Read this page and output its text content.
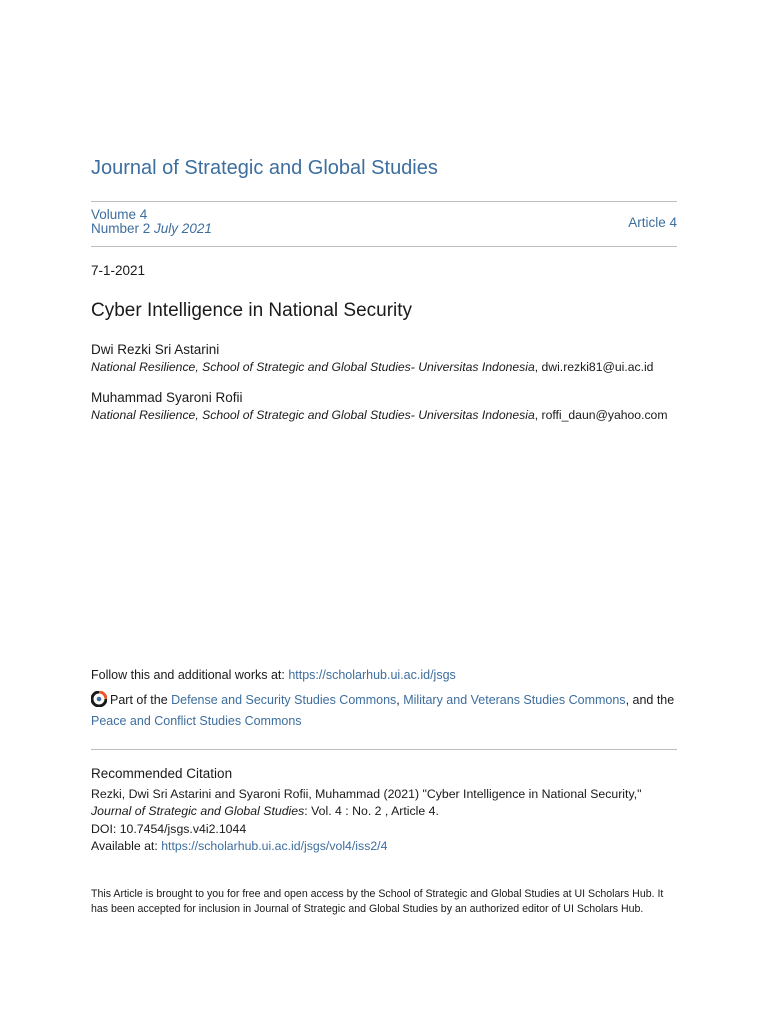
Journal of Strategic and Global Studies
Volume 4
Number 2 July 2021	Article 4
7-1-2021
Cyber Intelligence in National Security
Dwi Rezki Sri Astarini
National Resilience, School of Strategic and Global Studies- Universitas Indonesia, dwi.rezki81@ui.ac.id
Muhammad Syaroni Rofii
National Resilience, School of Strategic and Global Studies- Universitas Indonesia, roffi_daun@yahoo.com
Follow this and additional works at: https://scholarhub.ui.ac.id/jsgs
Part of the Defense and Security Studies Commons, Military and Veterans Studies Commons, and the
Peace and Conflict Studies Commons
Recommended Citation
Rezki, Dwi Sri Astarini and Syaroni Rofii, Muhammad (2021) "Cyber Intelligence in National Security,"
Journal of Strategic and Global Studies: Vol. 4 : No. 2 , Article 4.
DOI: 10.7454/jsgs.v4i2.1044
Available at: https://scholarhub.ui.ac.id/jsgs/vol4/iss2/4
This Article is brought to you for free and open access by the School of Strategic and Global Studies at UI Scholars Hub. It has been accepted for inclusion in Journal of Strategic and Global Studies by an authorized editor of UI Scholars Hub.
